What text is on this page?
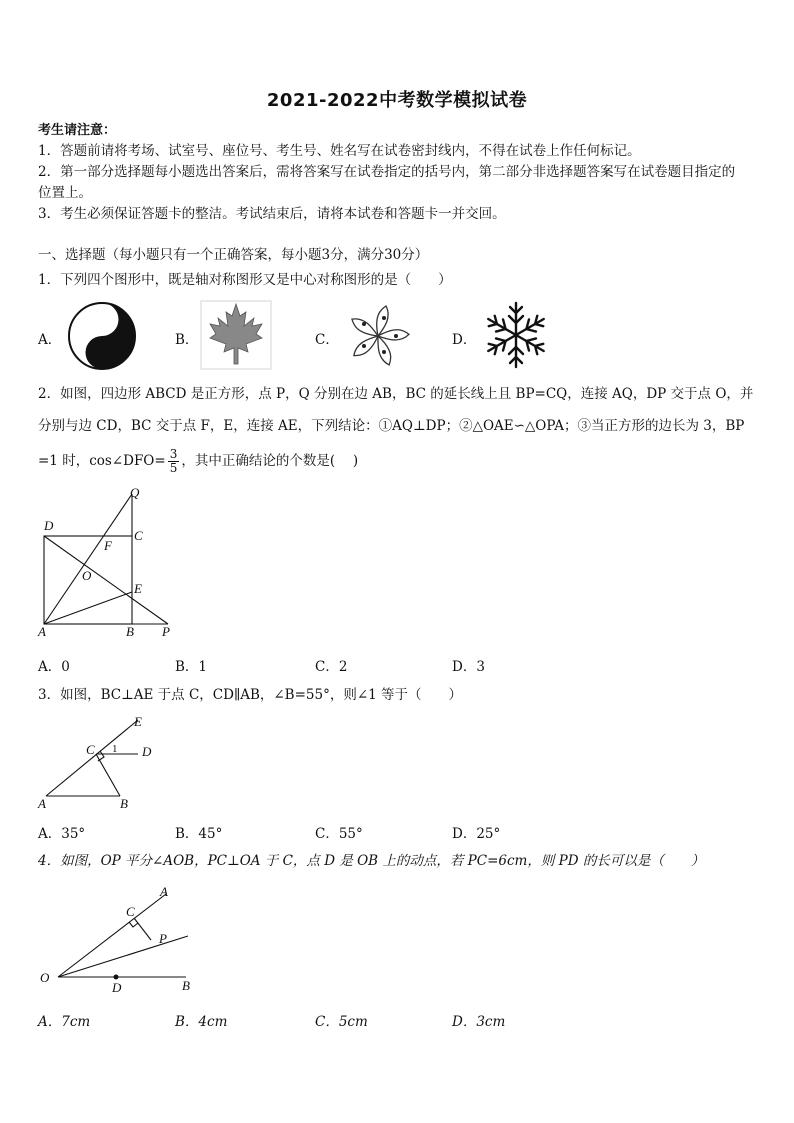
2021-2022中考数学模拟试卷
考生请注意：
1．答题前请将考场、试室号、座位号、考生号、姓名写在试卷密封线内，不得在试卷上作任何标记。
2．第一部分选择题每小题选出答案后，需将答案写在试卷指定的括号内，第二部分非选择题答案写在试卷题目指定的
位置上。
3．考生必须保证答题卡的整洁。考试结束后，请将本试卷和答题卡一并交回。
一、选择题（每小题只有一个正确答案，每小题3分，满分30分）
1．下列四个图形中，既是轴对称图形又是中心对称图形的是（　　）
A．	B．	C．	D．
2．如图，四边形 ABCD 是正方形，点 P，Q 分别在边 AB，BC 的延长线上且 BP=CQ，连接 AQ，DP 交于点 O，并
分别与边 CD，BC 交于点 F，E，连接 AE，下列结论：①AQ⊥DP；②△OAE∽△OPA；③当正方形的边长为 3，BP
=1 时，cos∠DFO= $\frac{3}{5}$ ，其中正确结论的个数是(　 )
Q
D
C
F
O
E
A	B P
A．0	B．1	C．2	D．3
3．如图，BC⊥AE 于点 C，CD∥AB，∠B=55°，则∠1 等于（　　）
E
C 1 D
A	B
A．35°	B．45°	C．55°	D．25°
4．如图，OP 平分∠AOB，PC⊥OA 于 C，点 D 是 OB 上的动点，若 PC=6cm，则 PD 的长可以是（　　）
A
C
P
O
D	B
A．7cm	B．4cm	C．5cm	D．3cm
